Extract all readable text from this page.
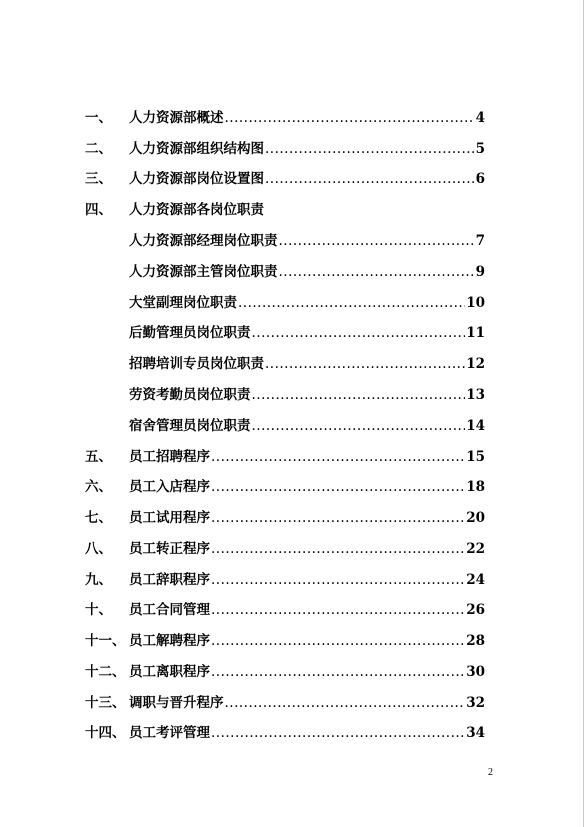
一、 人力资源部概述 .....	4
二、 人力资源部组织结构图 .....	5
三、 人力资源部岗位设置图 .....	6
四、 人力资源部各岗位职责
人力资源部经理岗位职责 .....	7
人力资源部主管岗位职责 .....	9
大堂副理岗位职责 .....	10
后勤管理员岗位职责 .....	11
招聘培训专员岗位职责 .....	12
劳资考勤员岗位职责 .....	13
宿舍管理员岗位职责 .....	14
五、 员工招聘程序 .....	15
六、 员工入店程序 .....	18
七、 员工试用程序 .....	20
八、 员工转正程序 .....	22
九、 员工辞职程序 .....	24
十、 员工合同管理 .....	26
十一、 员工解聘程序 .....	28
十二、 员工离职程序 .....	30
十三、 调职与晋升程序 .....	32
十四、 员工考评管理 .....	34
2
